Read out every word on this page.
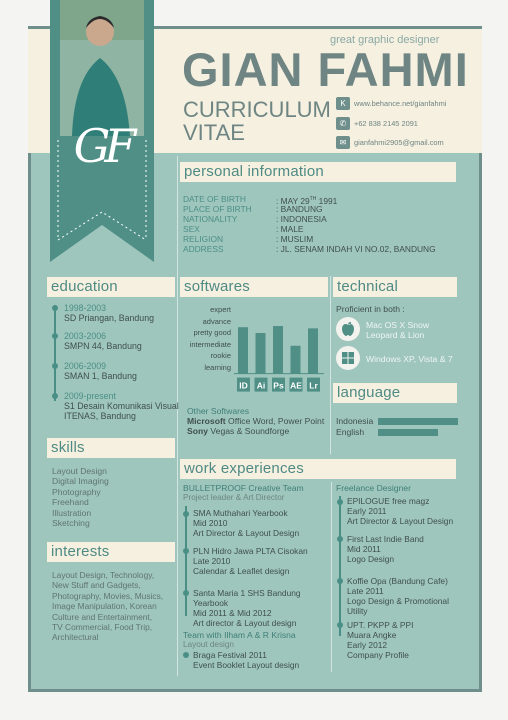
GF
great graphic designer
GIAN FAHMI
CURRICULUM
VITAE
K	www.behance.net/gianfahmi
✆	+62 838 2145 2091
✉	gianfahmi2905@gmail.com
personal information
DATE OF BIRTH	: MAY 29TH 1991
PLACE OF BIRTH	: BANDUNG
NATIONALITY	: INDONESIA
SEX	: MALE
RELIGION	: MUSLIM
ADDRESS	: JL. SENAM INDAH VI NO.02, BANDUNG
education
1998-2003
SD Priangan, Bandung
2003-2006
SMPN 44, Bandung
2006-2009
SMAN 1, Bandung
2009-present
S1 Desain Komunikasi Visual ITENAS, Bandung
softwares
expert
advance
pretty good
intermediate
rookie
learning
ID Ai Ps AE Lr
Other Softwares
Microsoft Office Word, Power Point
Sony Vegas & Soundforge
technical
Proficient in both :
Mac OS X Snow
Leopard & Lion
Windows XP, Vista & 7
language
Indonesia
English
skills
Layout Design
Digital Imaging
Photography
Freehand
Illustration
Sketching
interests
Layout Design, Technology,
New Stuff and Gadgets,
Photography, Movies, Musics,
Image Manipulation, Korean
Culture and Entertainment,
TV Commercial, Food Trip,
Architectural
work experiences
BULLETPROOF Creative Team
Project leader & Art Director
SMA Muthahari Yearbook
Mid 2010
Art Director & Layout Design
PLN Hidro Jawa PLTA Cisokan
Late 2010
Calendar & Leaflet design
Santa Maria 1 SHS Bandung
Yearbook
Mid 2011 & Mid 2012
Art director & Layout design
Team with Ilham A & R Krisna
Layout design
Braga Festival 2011
Event Booklet Layout design
Freelance Designer
EPILOGUE free magz
Early 2011
Art Director & Layout Design
First Last Indie Band
Mid 2011
Logo Design
Koffie Opa (Bandung Cafe)
Late 2011
Logo Design & Promotional
Utility
UPT. PKPP & PPI
Muara Angke
Early 2012
Company Profile
